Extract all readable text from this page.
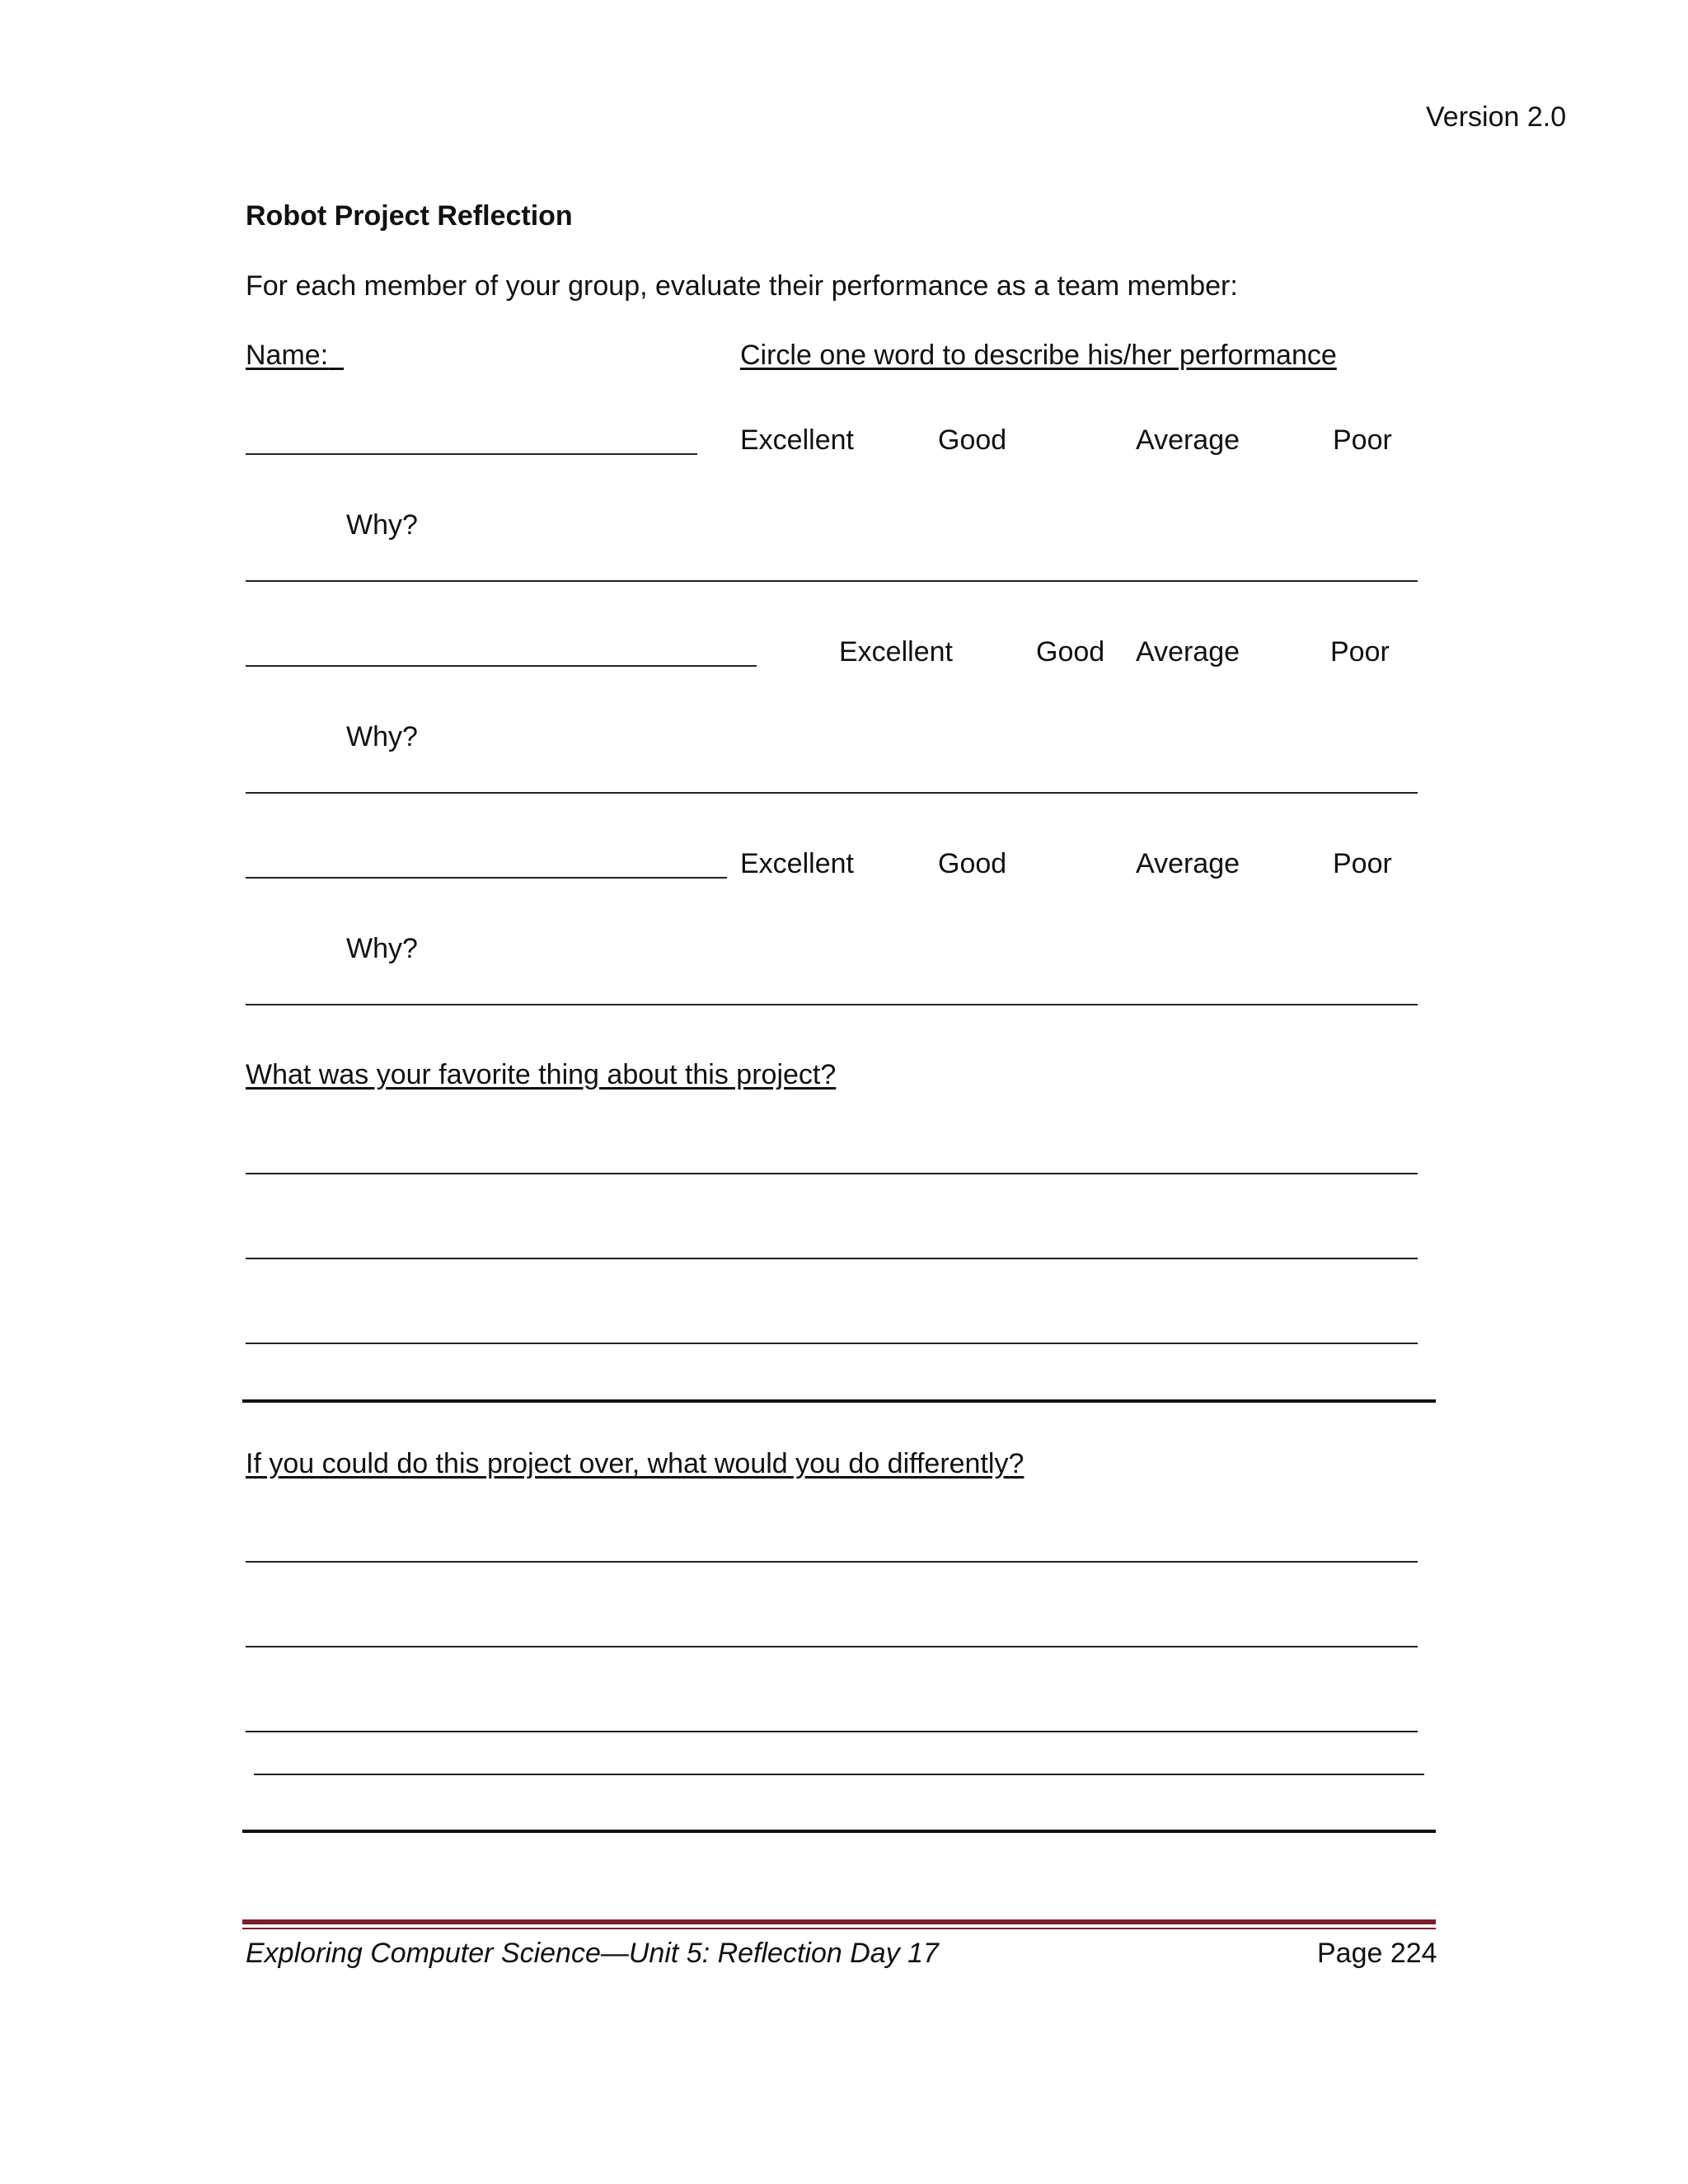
Version 2.0
Robot Project Reflection
For each member of your group, evaluate their performance as a team member:
Name:	Circle one word to describe his/her performance
Excellent	Good	Average	Poor
Why?
Excellent	Good Average	Poor
Why?
Excellent	Good	Average	Poor
Why?
What was your favorite thing about this project?
If you could do this project over, what would you do differently?
Exploring Computer Science—Unit 5: Reflection Day 17	Page 224
